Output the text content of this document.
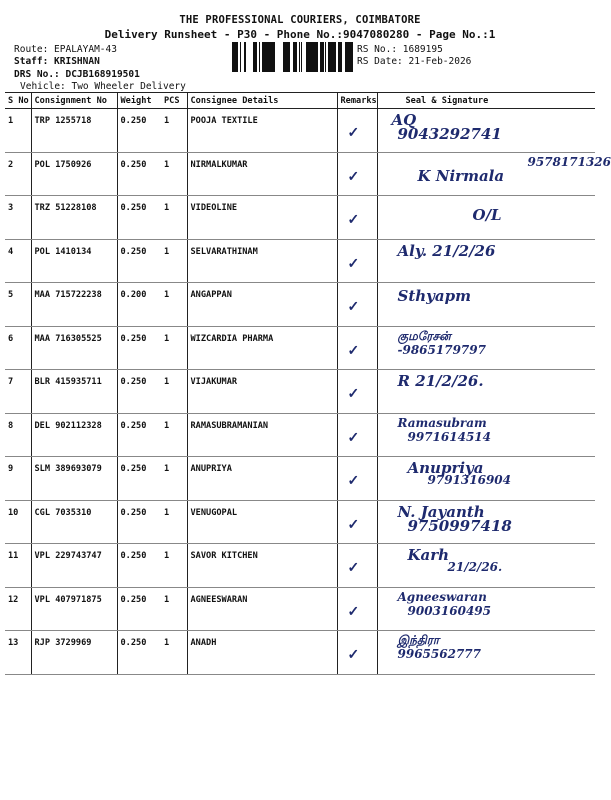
THE PROFESSIONAL COURIERS, COIMBATORE
Delivery Runsheet - P30 - Phone No.:9047080280 - Page No.:1
Route: EPALAYAM-43
Staff: KRISHNAN
DRS No.: DCJB168919501
Vehicle: Two Wheeler Delivery
RS No.: 1689195
RS Date: 21-Feb-2026
S No	Consignment No	Weight	PCS	Consignee Details	Remarks	Seal & Signature
1	TRP 1255718	0.250	1	POOJA TEXTILE	✓	AQ
9043292741

2	POL 1750926	0.250	1	NIRMALKUMAR	✓	9578171326
K Nirmala

3	TRZ 51228108	0.250	1	VIDEOLINE	✓	O/L

4	POL 1410134	0.250	1	SELVARATHINAM	✓	Aly. 21/2/26

5	MAA 715722238	0.200	1	ANGAPPAN	✓	Sthyapm

6	MAA 716305525	0.250	1	WIZCARDIA PHARMA	✓	குமரேசன்
-9865179797

7	BLR 415935711	0.250	1	VIJAKUMAR	✓	R 21/2/26.

8	DEL 902112328	0.250	1	RAMASUBRAMANIAN	✓	Ramasubram
9971614514

9	SLM 389693079	0.250	1	ANUPRIYA	✓	Anupriya
9791316904

10	CGL 7035310	0.250	1	VENUGOPAL	✓	N. Jayanth
9750997418

11	VPL 229743747	0.250	1	SAVOR KITCHEN	✓	Karh
21/2/26.

12	VPL 407971875	0.250	1	AGNEESWARAN	✓	Agneeswaran
9003160495

13	RJP 3729969	0.250	1	ANADH	✓	இந்திரா
9965562777
